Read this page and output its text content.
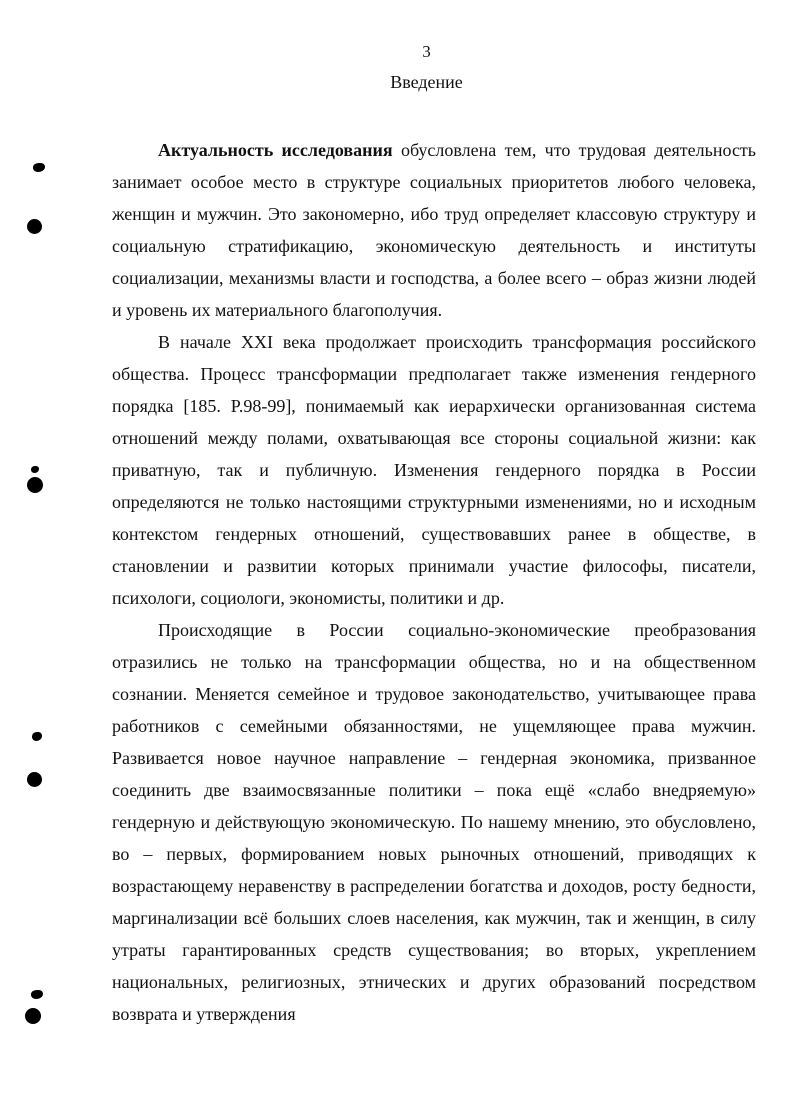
3
Введение

Актуальность исследования обусловлена тем, что трудовая деятельность занимает особое место в структуре социальных приоритетов любого человека, женщин и мужчин. Это закономерно, ибо труд определяет классовую структуру и социальную стратификацию, экономическую деятельность и институты социализации, механизмы власти и господства, а более всего – образ жизни людей и уровень их материального благополучия.

В начале XXI века продолжает происходить трансформация российского общества. Процесс трансформации предполагает также изменения гендерного порядка [185. P.98-99], понимаемый как иерархически организованная система отношений между полами, охватывающая все стороны социальной жизни: как приватную, так и публичную. Изменения гендерного порядка в России определяются не только настоящими структурными изменениями, но и исходным контекстом гендерных отношений, существовавших ранее в обществе, в становлении и развитии которых принимали участие философы, писатели, психологи, социологи, экономисты, политики и др.

Происходящие в России социально-экономические преобразования отразились не только на трансформации общества, но и на общественном сознании. Меняется семейное и трудовое законодательство, учитывающее права работников с семейными обязанностями, не ущемляющее права мужчин. Развивается новое научное направление – гендерная экономика, призванное соединить две взаимосвязанные политики – пока ещё «слабо внедряемую» гендерную и действующую экономическую. По нашему мнению, это обусловлено, во – первых, формированием новых рыночных отношений, приводящих к возрастающему неравенству в распределении богатства и доходов, росту бедности, маргинализации всё больших слоев населения, как мужчин, так и женщин, в силу утраты гарантированных средств существования; во вторых, укреплением национальных, религиозных, этнических и других образований посредством возврата и утверждения
